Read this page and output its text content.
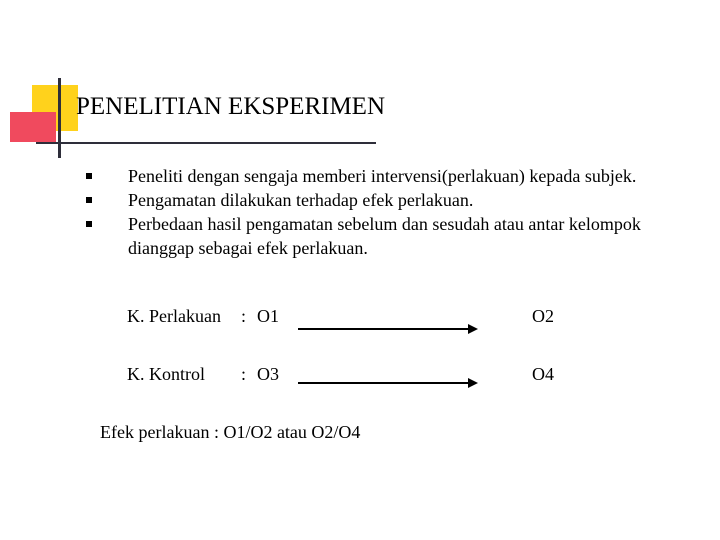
PENELITIAN EKSPERIMEN
Peneliti dengan sengaja memberi intervensi(perlakuan) kepada subjek.
Pengamatan dilakukan terhadap efek perlakuan.
Perbedaan hasil pengamatan sebelum dan sesudah atau antar kelompok dianggap sebagai efek perlakuan.
K. Perlakuan : O1	O2
K. Kontrol : O3	O4
Efek perlakuan : O1/O2 atau O2/O4
